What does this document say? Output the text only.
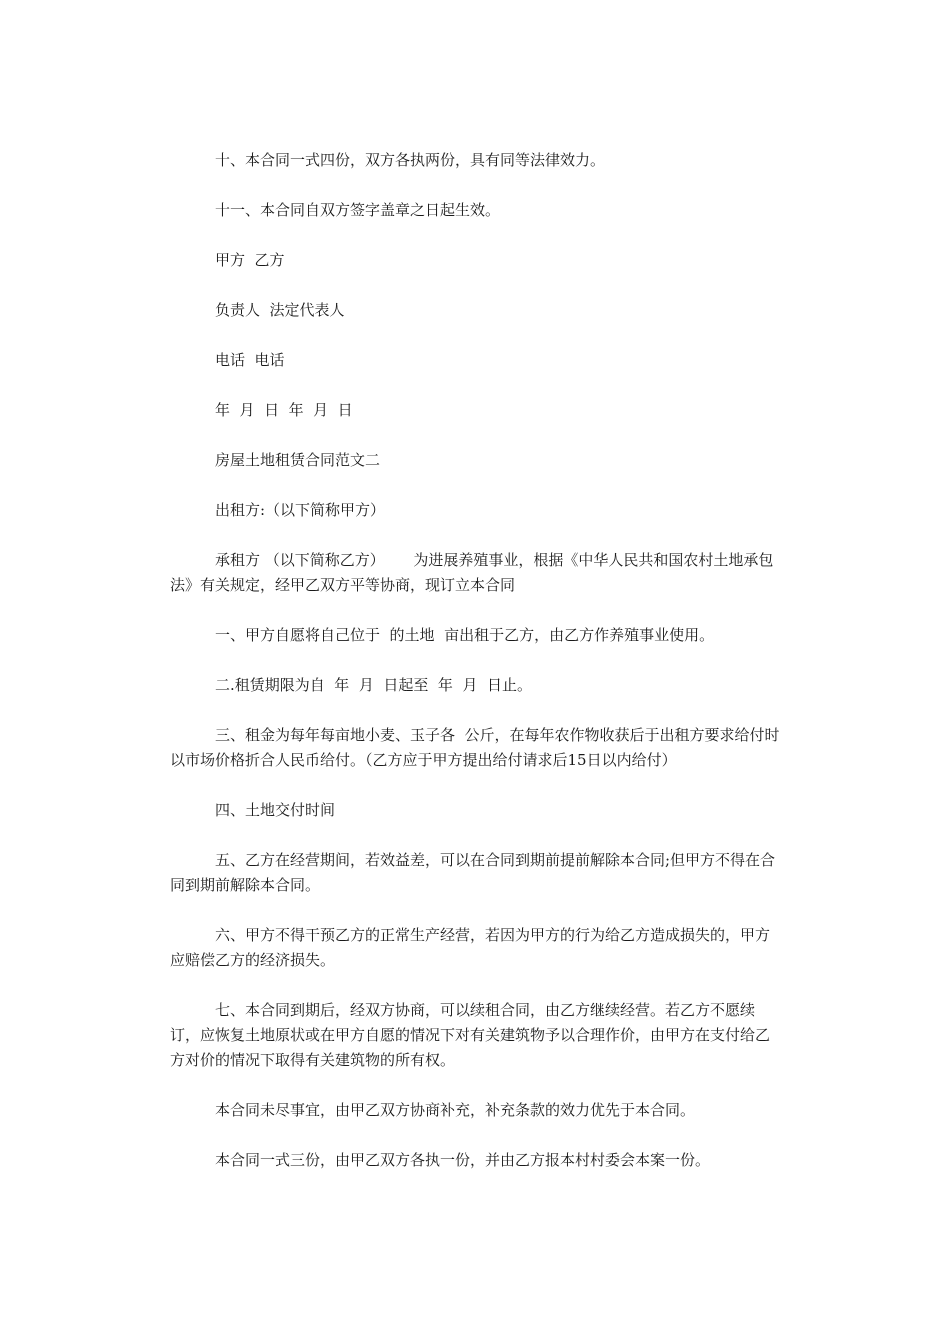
十、本合同一式四份，双方各执两份，具有同等法律效力。

十一、本合同自双方签字盖章之日起生效。

甲方  乙方

负责人  法定代表人

电话  电话

年  月  日  年  月  日

房屋土地租赁合同范文二

出租方:（以下简称甲方）

承租方 （以下简称乙方）      为进展养殖事业，根据《中华人民共和国农村土地承包法》有关规定，经甲乙双方平等协商，现订立本合同

一、甲方自愿将自己位于  的土地  亩出租于乙方，由乙方作养殖事业使用。

二.租赁期限为自  年  月  日起至  年  月  日止。

三、租金为每年每亩地小麦、玉子各  公斤，在每年农作物收获后于出租方要求给付时以市场价格折合人民币给付。（乙方应于甲方提出给付请求后15日以内给付）

四、土地交付时间

五、乙方在经营期间，若效益差，可以在合同到期前提前解除本合同;但甲方不得在合同到期前解除本合同。

六、甲方不得干预乙方的正常生产经营，若因为甲方的行为给乙方造成损失的，甲方应赔偿乙方的经济损失。

七、本合同到期后，经双方协商，可以续租合同，由乙方继续经营。若乙方不愿续订，应恢复土地原状或在甲方自愿的情况下对有关建筑物予以合理作价，由甲方在支付给乙方对价的情况下取得有关建筑物的所有权。

本合同未尽事宜，由甲乙双方协商补充，补充条款的效力优先于本合同。

本合同一式三份，由甲乙双方各执一份，并由乙方报本村村委会本案一份。
